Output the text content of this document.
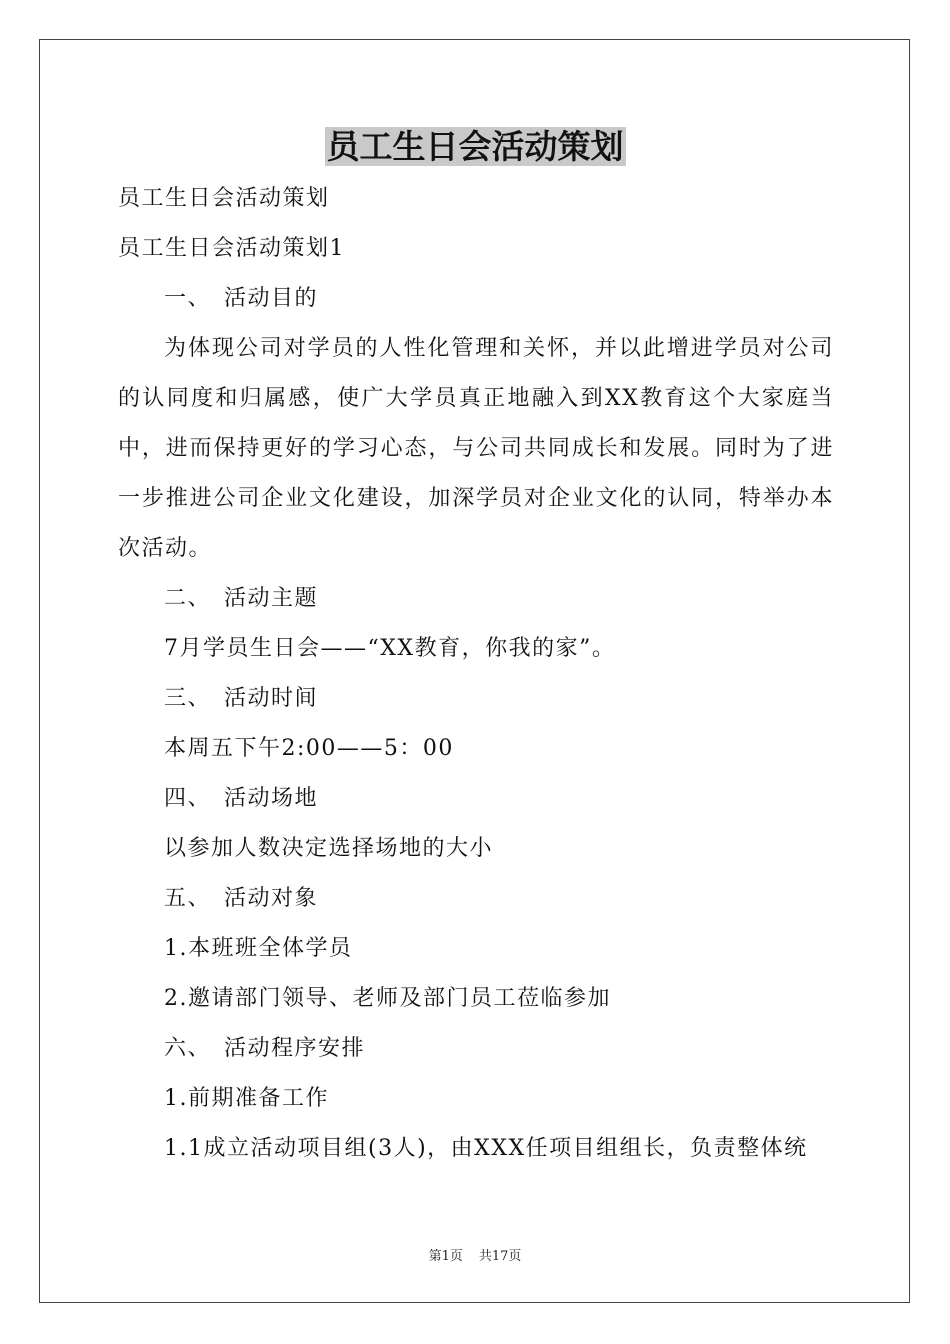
员工生日会活动策划

员工生日会活动策划

员工生日会活动策划1

一、 活动目的

为体现公司对学员的人性化管理和关怀，并以此增进学员对公司的认同度和归属感，使广大学员真正地融入到XX教育这个大家庭当中，进而保持更好的学习心态，与公司共同成长和发展。同时为了进一步推进公司企业文化建设，加深学员对企业文化的认同，特举办本次活动。

二、 活动主题

7月学员生日会——“XX教育，你我的家”。

三、 活动时间

本周五下午2:00——5：00

四、 活动场地

以参加人数决定选择场地的大小

五、 活动对象

1.本班班全体学员

2.邀请部门领导、老师及部门员工莅临参加

六、 活动程序安排

1.前期准备工作

1.1成立活动项目组(3人)，由XXX任项目组组长，负责整体统

第1页 共17页
